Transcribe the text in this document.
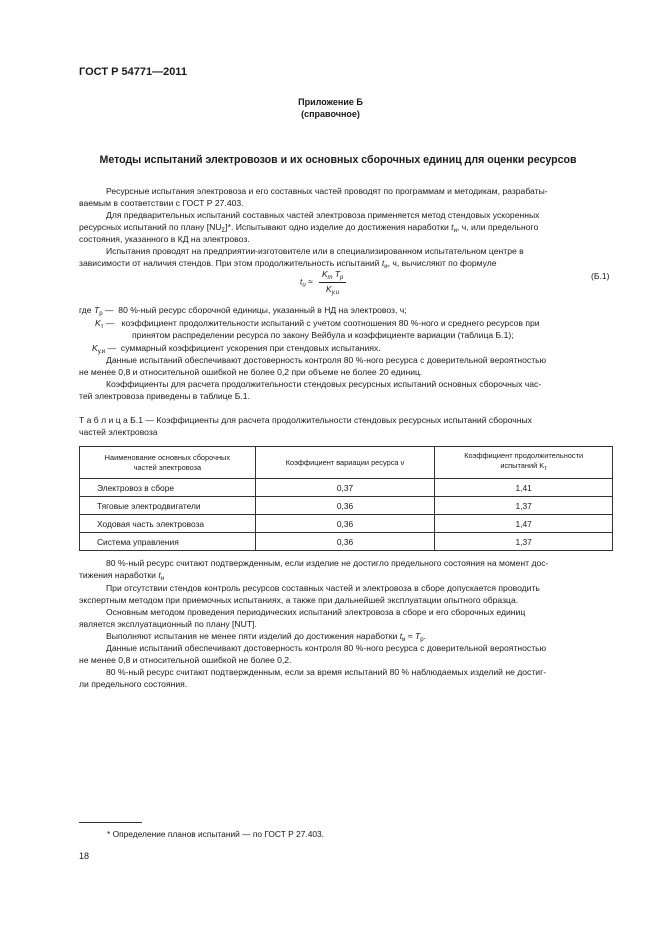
ГОСТ Р 54771—2011
Приложение Б
(справочное)
Методы испытаний электровозов и их основных сборочных единиц для оценки ресурсов
Ресурсные испытания электровоза и его составных частей проводят по программам и методикам, разрабаты-
ваемым в соответствии с ГОСТ Р 27.403.
Для предварительных испытаний составных частей электровоза применяется метод стендовых ускоренных
ресурсных испытаний по плану $[NU_\Sigma]*$. Испытывают одно изделие до достижения наработки $t_и$, ч, или предельного
состояния, указанного в КД на электровоз.
Испытания проводят на предприятии-изготовителе или в специализированном испытательном центре в
зависимости от наличия стендов. При этом продолжительность испытаний $t_и$, ч, вычисляют по формуле
$t_и \approx \frac{K_т T_p}{K_{у.и}}$	(Б.1)
где $T_p$ — 80 %-ный ресурс сборочной единицы, указанный в НД на электровоз, ч;
$K_т$ — коэффициент продолжительности испытаний с учетом соотношения 80 %-ного и среднего ресурсов при
принятом распределении ресурса по закону Вейбула и коэффициенте вариации (таблица Б.1);
$K_{у.и}$ — суммарный коэффициент ускорения при стендовых испытаниях.
Данные испытаний обеспечивают достоверность контроля 80 %-ного ресурса с доверительной вероятностью
не менее 0,8 и относительной ошибкой не более 0,2 при объеме не более 20 единиц.
Коэффициенты для расчета продолжительности стендовых ресурсных испытаний основных сборочных час-
тей электровоза приведены в таблице Б.1.
Т а б л и ц а Б.1 — Коэффициенты для расчета продолжительности стендовых ресурсных испытаний сборочных
частей электровоза
Наименование основных сборочных
частей электровоза	Коэффициент вариации ресурса ν	Коэффициент продолжительности
испытаний $K_т$
Электровоз в сборе	0,37	1,41
Тяговые электродвигатели	0,36	1,37
Ходовая часть электровоза	0,36	1,47
Система управления	0,36	1,37
80 %-ный ресурс считают подтвержденным, если изделие не достигло предельного состояния на момент дос-
тижения наработки $t_и$
При отсутствии стендов контроль ресурсов составных частей и электровоза в сборе допускается проводить
экспертным методом при приемочных испытаниях, а также при дальнейшей эксплуатации опытного образца.
Основным методом проведения периодических испытаний электровоза в сборе и его сборочных единиц
является эксплуатационный по плану [NUT].
Выполняют испытания не менее пяти изделий до достижения наработки $t_и \approx T_p$.
Данные испытаний обеспечивают достоверность контроля 80 %-ного ресурса с доверительной вероятностью
не менее 0,8 и относительной ошибкой не более 0,2.
80 %-ный ресурс считают подтвержденным, если за время испытаний 80 % наблюдаемых изделий не достиг-
ли предельного состояния.
* Определение планов испытаний — по ГОСТ Р 27.403.
18
